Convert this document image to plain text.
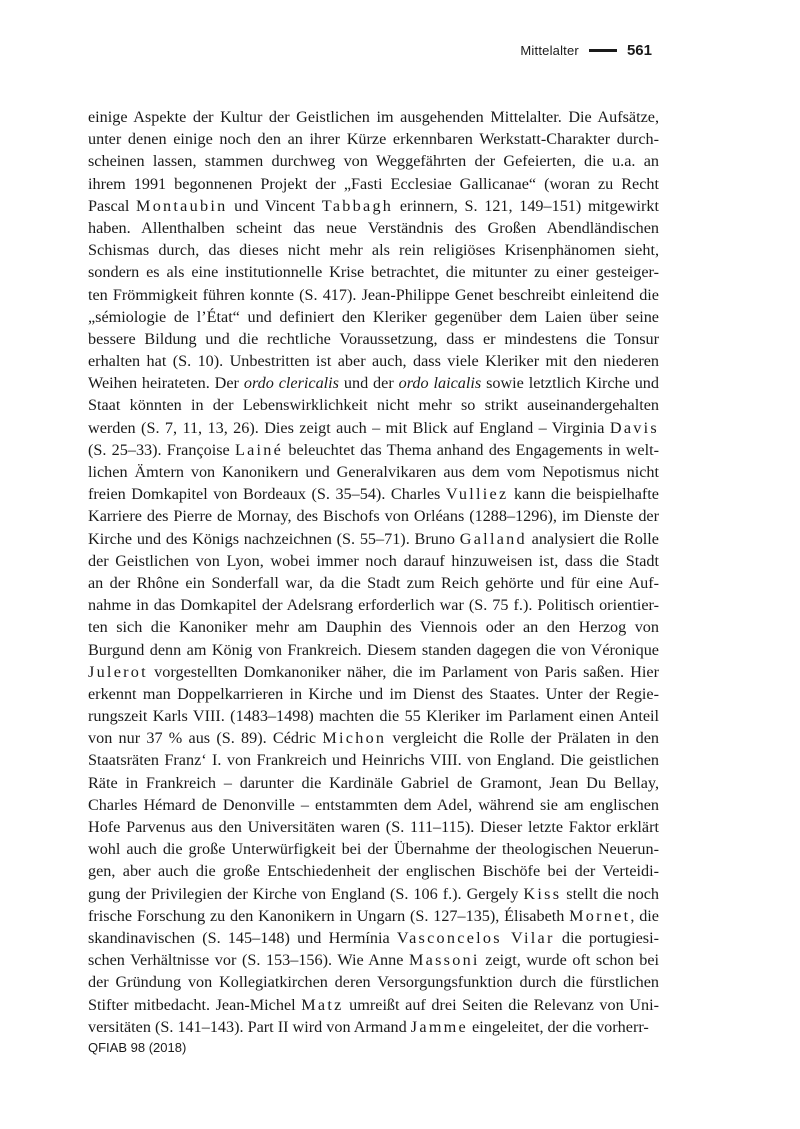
Mittelalter	561
einige Aspekte der Kultur der Geistlichen im ausgehenden Mittelalter. Die Aufsätze,
unter denen einige noch den an ihrer Kürze erkennbaren Werkstatt-Charakter durch-
scheinen lassen, stammen durchweg von Weggefährten der Gefeierten, die u.a. an
ihrem 1991 begonnenen Projekt der „Fasti Ecclesiae Gallicanae“ (woran zu Recht
Pascal Montaubin und Vincent Tabbagh erinnern, S. 121, 149–151) mitgewirkt
haben. Allenthalben scheint das neue Verständnis des Großen Abendländischen
Schismas durch, das dieses nicht mehr als rein religiöses Krisenphänomen sieht,
sondern es als eine institutionnelle Krise betrachtet, die mitunter zu einer gesteiger-
ten Frömmigkeit führen konnte (S. 417). Jean-Philippe Genet beschreibt einleitend die
„sémiologie de l’État“ und definiert den Kleriker gegenüber dem Laien über seine
bessere Bildung und die rechtliche Voraussetzung, dass er mindestens die Tonsur
erhalten hat (S. 10). Unbestritten ist aber auch, dass viele Kleriker mit den niederen
Weihen heirateten. Der ordo clericalis und der ordo laicalis sowie letztlich Kirche und
Staat könnten in der Lebenswirklichkeit nicht mehr so strikt auseinandergehalten
werden (S. 7, 11, 13, 26). Dies zeigt auch – mit Blick auf England – Virginia Davis
(S. 25–33). Françoise Lainé beleuchtet das Thema anhand des Engagements in welt-
lichen Ämtern von Kanonikern und Generalvikaren aus dem vom Nepotismus nicht
freien Domkapitel von Bordeaux (S. 35–54). Charles Vulliez kann die beispielhafte
Karriere des Pierre de Mornay, des Bischofs von Orléans (1288–1296), im Dienste der
Kirche und des Königs nachzeichnen (S. 55–71). Bruno Galland analysiert die Rolle
der Geistlichen von Lyon, wobei immer noch darauf hinzuweisen ist, dass die Stadt
an der Rhône ein Sonderfall war, da die Stadt zum Reich gehörte und für eine Auf-
nahme in das Domkapitel der Adelsrang erforderlich war (S. 75 f.). Politisch orientier-
ten sich die Kanoniker mehr am Dauphin des Viennois oder an den Herzog von
Burgund denn am König von Frankreich. Diesem standen dagegen die von Véronique
Julerot vorgestellten Domkanoniker näher, die im Parlament von Paris saßen. Hier
erkennt man Doppelkarrieren in Kirche und im Dienst des Staates. Unter der Regie-
rungszeit Karls VIII. (1483–1498) machten die 55 Kleriker im Parlament einen Anteil
von nur 37 % aus (S. 89). Cédric Michon vergleicht die Rolle der Prälaten in den
Staatsräten Franz‘ I. von Frankreich und Heinrichs VIII. von England. Die geistlichen
Räte in Frankreich – darunter die Kardinäle Gabriel de Gramont, Jean Du Bellay,
Charles Hémard de Denonville – entstammten dem Adel, während sie am englischen
Hofe Parvenus aus den Universitäten waren (S. 111–115). Dieser letzte Faktor erklärt
wohl auch die große Unterwürfigkeit bei der Übernahme der theologischen Neuerun-
gen, aber auch die große Entschiedenheit der englischen Bischöfe bei der Verteidi-
gung der Privilegien der Kirche von England (S. 106 f.). Gergely Kiss stellt die noch
frische Forschung zu den Kanonikern in Ungarn (S. 127–135), Élisabeth Mornet, die
skandinavischen (S. 145–148) und Hermínia Vasconcelos Vilar die portugiesi-
schen Verhältnisse vor (S. 153–156). Wie Anne Massoni zeigt, wurde oft schon bei
der Gründung von Kollegiatkirchen deren Versorgungsfunktion durch die fürstlichen
Stifter mitbedacht. Jean-Michel Matz umreißt auf drei Seiten die Relevanz von Uni-
versitäten (S. 141–143). Part II wird von Armand Jamme eingeleitet, der die vorherr-
QFIAB 98 (2018)
